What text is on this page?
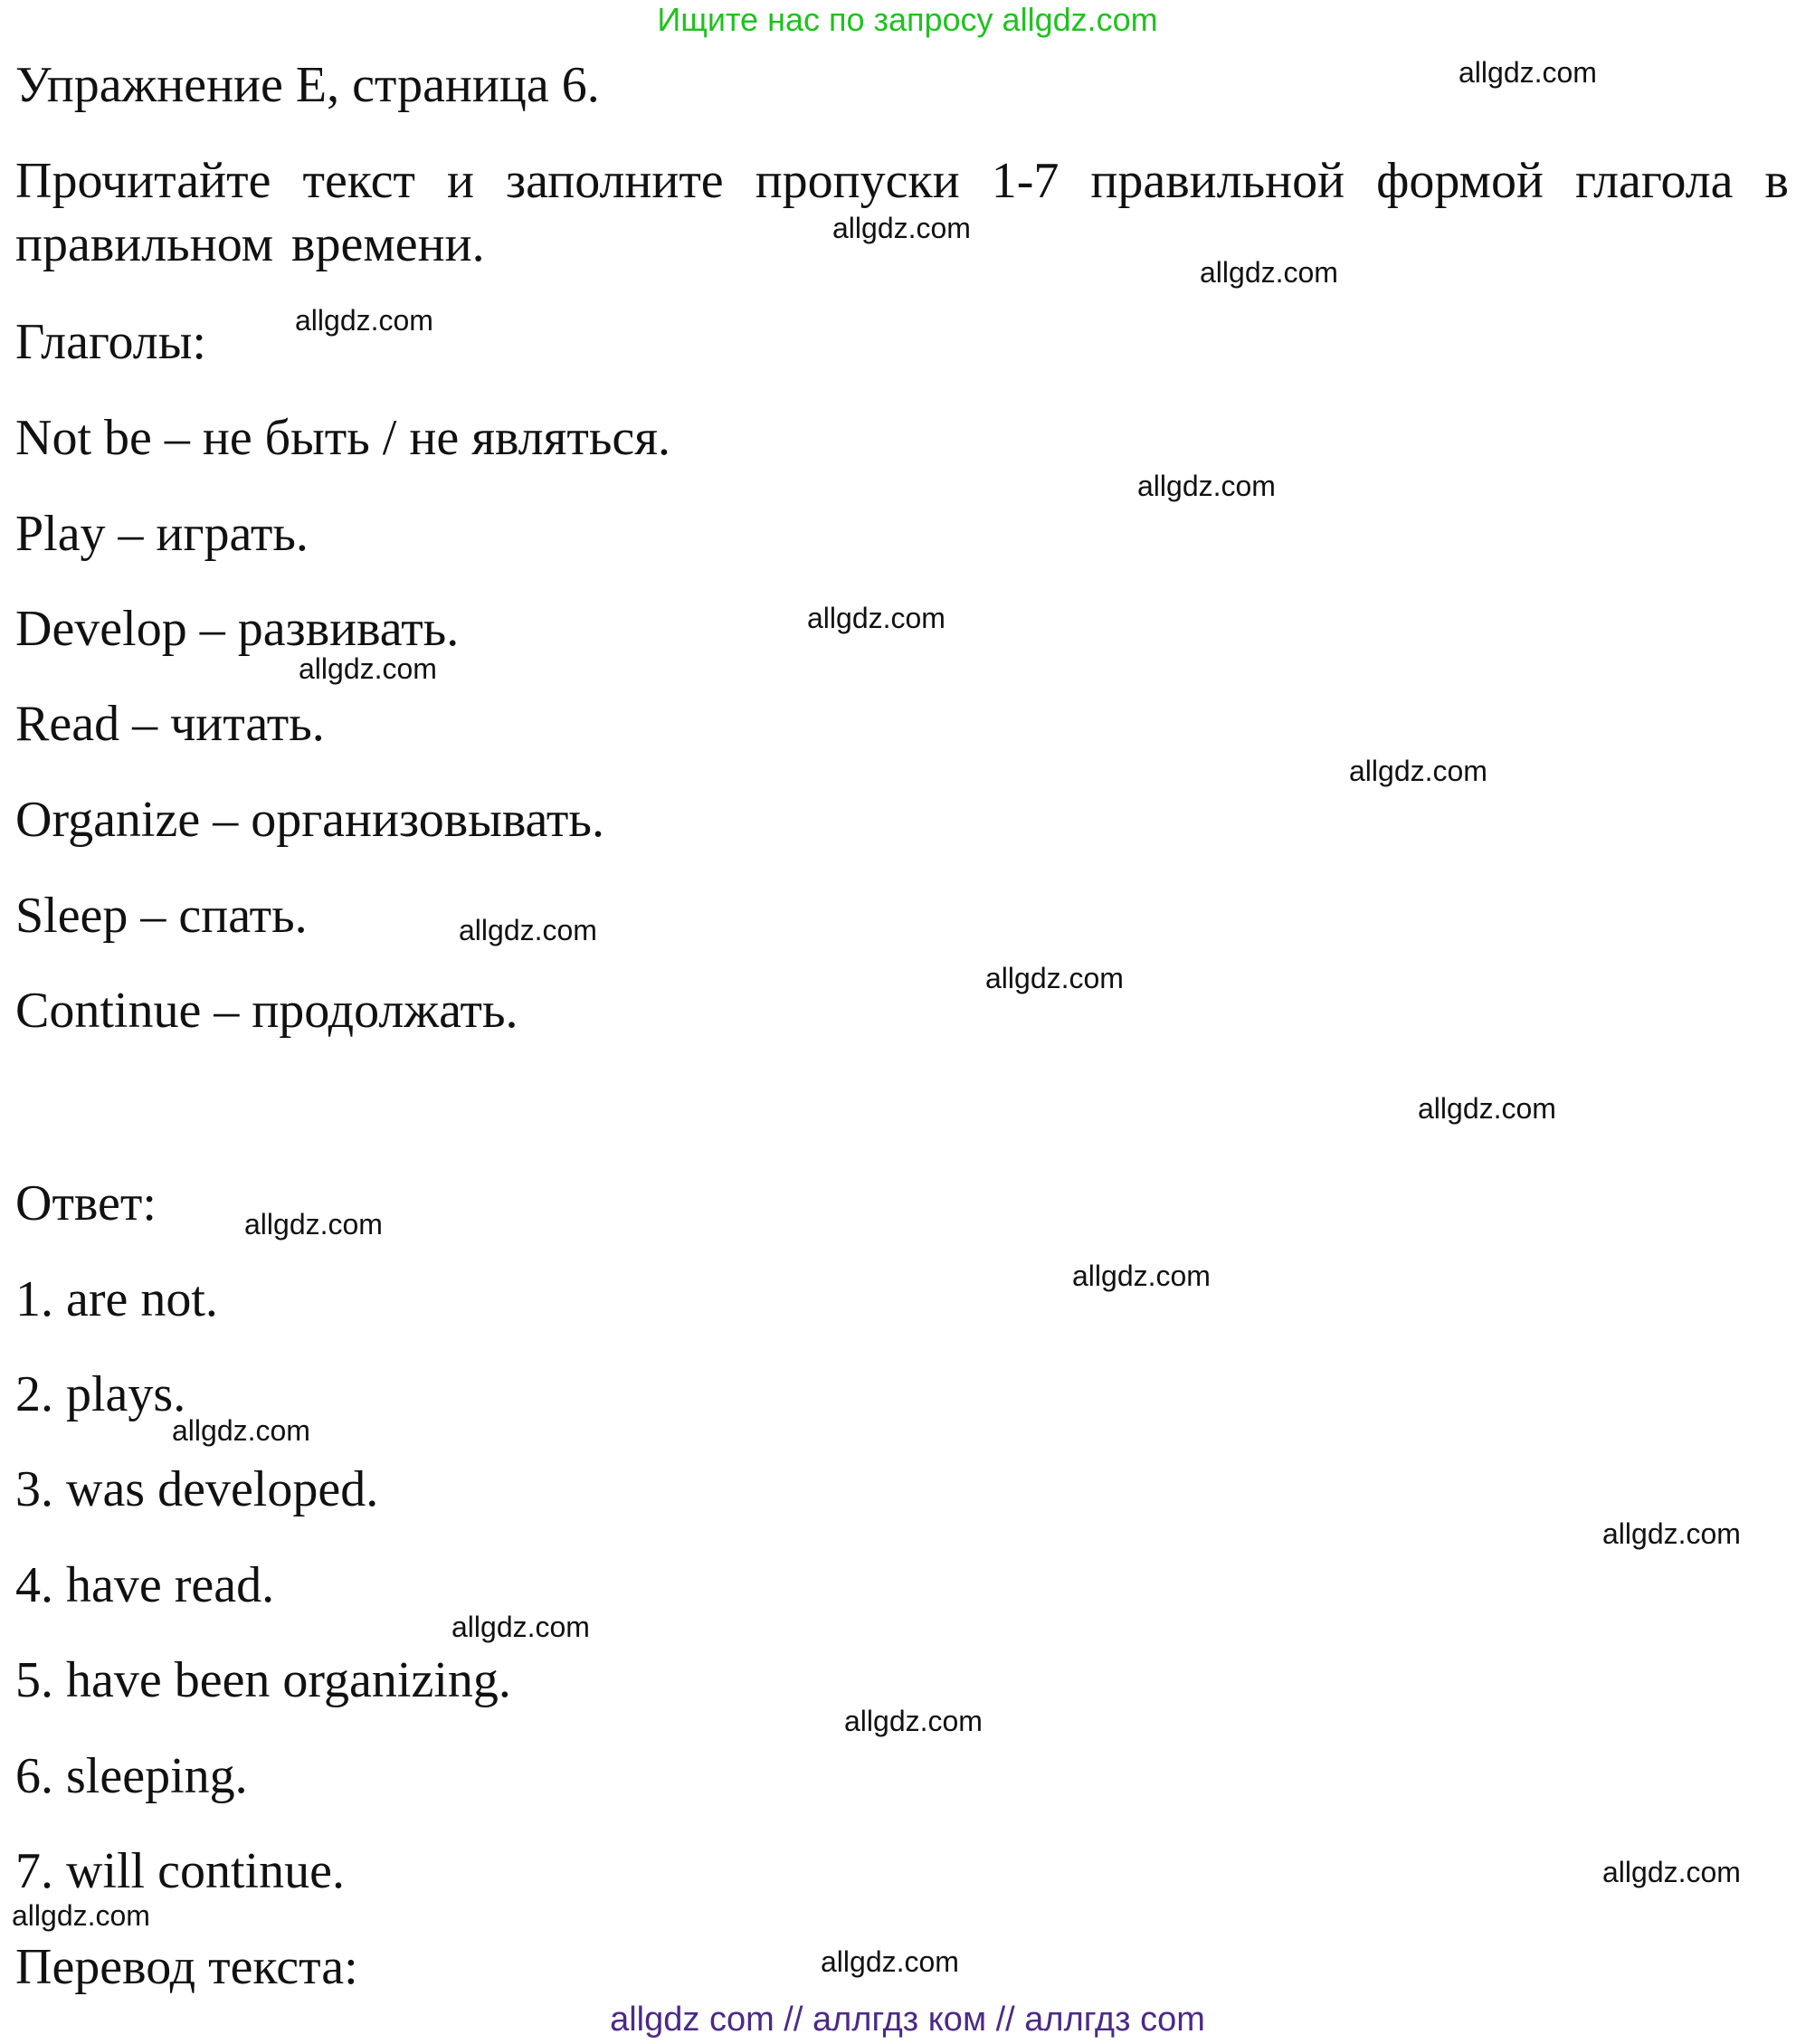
Ищите нас по запросу allgdz.com
Упражнение E, страница 6.
Прочитайте текст и заполните пропуски 1-7 правильной формой глагола в правильном времени.
Глаголы:
Not be – не быть / не являться.
Play – играть.
Develop – развивать.
Read – читать.
Organize – организовывать.
Sleep – спать.
Continue – продолжать.
Ответ:
1. are not.
2. plays.
3. was developed.
4. have read.
5. have been organizing.
6. sleeping.
7. will continue.
Перевод текста:
allgdz.com
allgdz.com
allgdz.com
allgdz.com
allgdz.com
allgdz.com
allgdz.com
allgdz.com
allgdz.com
allgdz.com
allgdz.com
allgdz.com
allgdz.com
allgdz.com
allgdz.com
allgdz.com
allgdz.com
allgdz.com
allgdz.com
allgdz.com
allgdz com // аллгдз ком // аллгдз com
